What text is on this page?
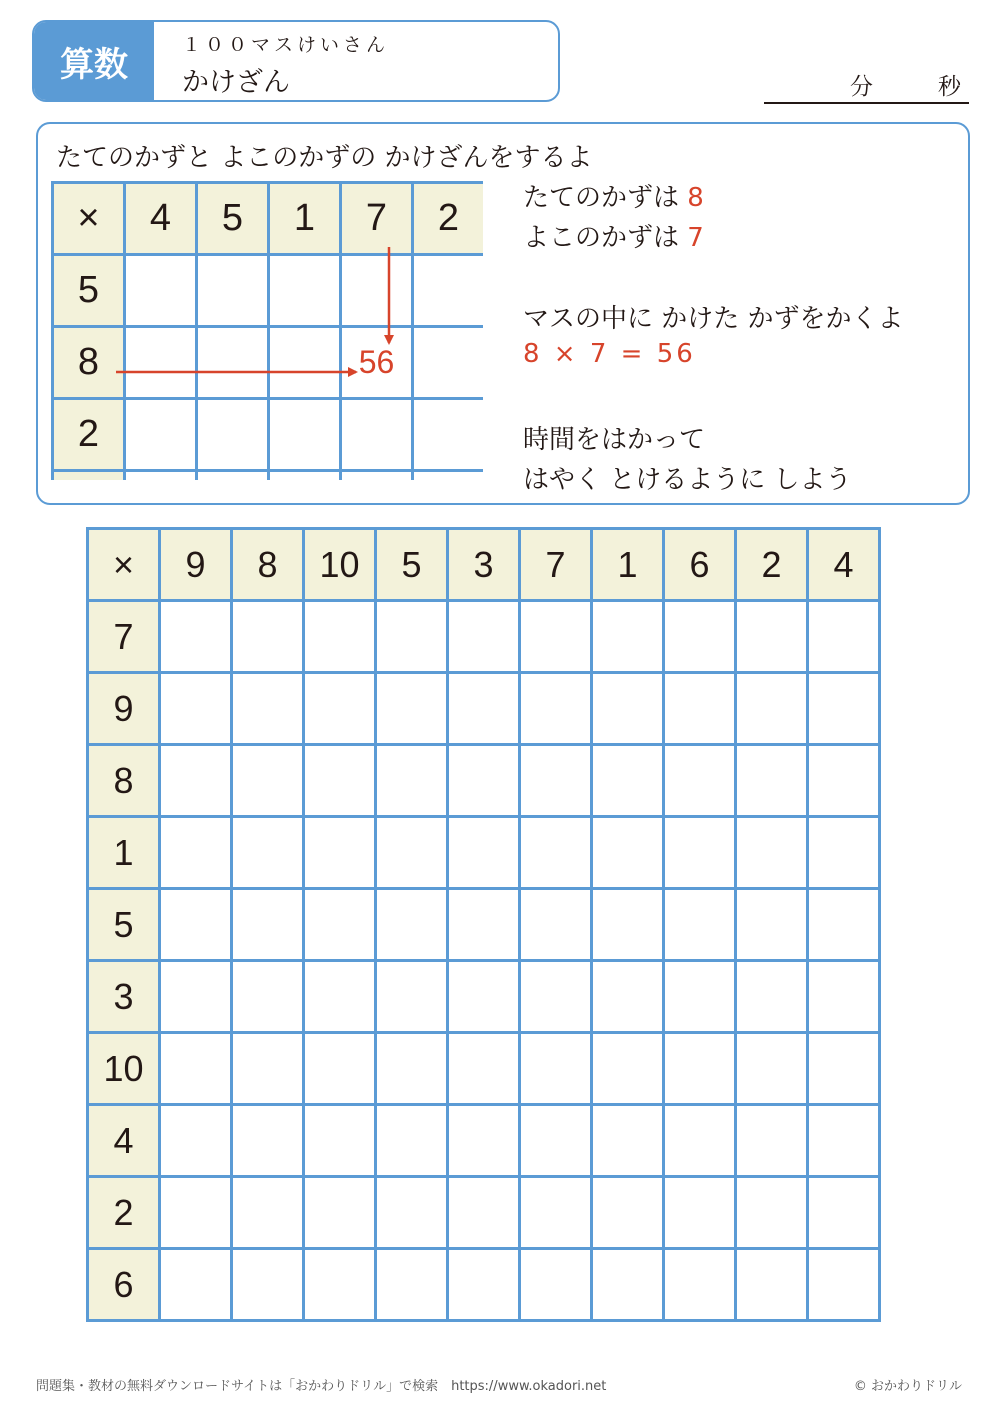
算数	１００マスけいさん
かけざん	分	秒
たてのかずと よこのかずの かけざんをするよ
×	4	5	1	7	2
5					
8				56	
2					

たてのかずは 8
よこのかずは 7
マスの中に かけた かずをかくよ
8 × 7 = 56
時間をはかって
はやく とけるように しよう
×	9	8	10	5	3	7	1	6	2	4
7										
9										
8										
1										
5										
3										
10										
4										
2										
6										
問題集・教材の無料ダウンロードサイトは「おかわりドリル」で検索　https://www.okadori.net	© おかわりドリル
